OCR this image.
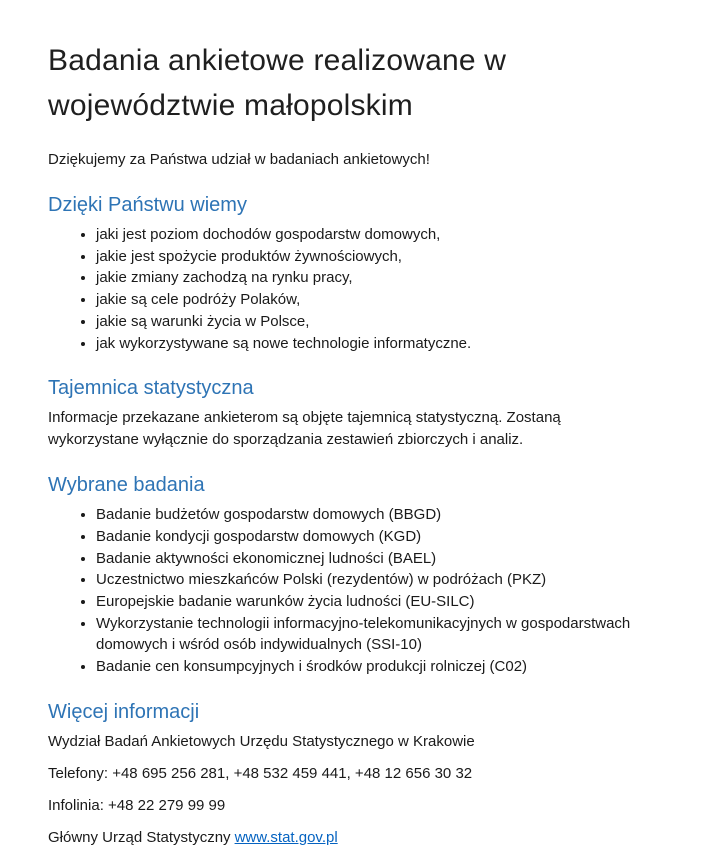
Badania ankietowe realizowane w województwie małopolskim

Dziękujemy za Państwa udział w badaniach ankietowych!

Dzięki Państwu wiemy
• jaki jest poziom dochodów gospodarstw domowych,
• jakie jest spożycie produktów żywnościowych,
• jakie zmiany zachodzą na rynku pracy,
• jakie są cele podróży Polaków,
• jakie są warunki życia w Polsce,
• jak wykorzystywane są nowe technologie informatyczne.
Tajemnica statystyczna

Informacje przekazane ankieterom są objęte tajemnicą statystyczną. Zostaną wykorzystane wyłącznie do sporządzania zestawień zbiorczych i analiz.

Wybrane badania
• Badanie budżetów gospodarstw domowych (BBGD)
• Badanie kondycji gospodarstw domowych (KGD)
• Badanie aktywności ekonomicznej ludności (BAEL)
• Uczestnictwo mieszkańców Polski (rezydentów) w podróżach (PKZ)
• Europejskie badanie warunków życia ludności (EU-SILC)
• Wykorzystanie technologii informacyjno-telekomunikacyjnych w gospodarstwach domowych i wśród osób indywidualnych (SSI-10)
• Badanie cen konsumpcyjnych i środków produkcji rolniczej (C02)
Więcej informacji

Wydział Badań Ankietowych Urzędu Statystycznego w Krakowie

Telefony: +48 695 256 281, +48 532 459 441, +48 12 656 30 32

Infolinia: +48 22 279 99 99

Główny Urząd Statystyczny www.stat.gov.pl
